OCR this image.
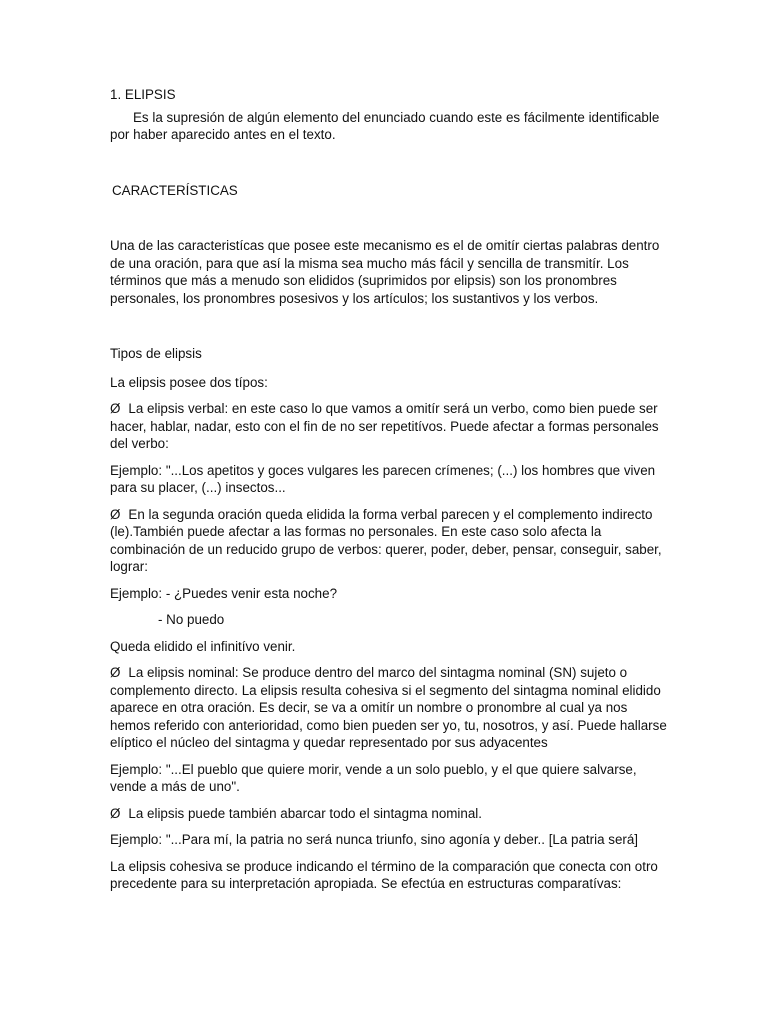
1. ELIPSIS

Es la supresión de algún elemento del enunciado cuando este es fácilmente identificable por haber aparecido antes en el texto.

CARACTERÍSTICAS

Una de las caracteristícas que posee este mecanismo es el de omitír ciertas palabras dentro de una oración, para que así la misma sea mucho más fácil y sencilla de transmitír. Los términos que más a menudo son elididos (suprimidos por elipsis) son los pronombres personales, los pronombres posesivos y los artículos; los sustantivos y los verbos.

Tipos de elipsis

La elipsis posee dos típos:

Ø La elipsis verbal: en este caso lo que vamos a omitír será un verbo, como bien puede ser hacer, hablar, nadar, esto con el fin de no ser repetitívos. Puede afectar a formas personales del verbo:

Ejemplo: "...Los apetitos y goces vulgares les parecen crímenes; (...) los hombres que viven para su placer, (...) insectos...

Ø En la segunda oración queda elidida la forma verbal parecen y el complemento indirecto (le).También puede afectar a las formas no personales. En este caso solo afecta la combinación de un reducido grupo de verbos: querer, poder, deber, pensar, conseguir, saber, lograr:

Ejemplo: - ¿Puedes venir esta noche?

- No puedo

Queda elidido el infinitívo venir.

Ø La elipsis nominal: Se produce dentro del marco del sintagma nominal (SN) sujeto o complemento directo. La elipsis resulta cohesiva si el segmento del sintagma nominal elidido aparece en otra oración. Es decir, se va a omitír un nombre o pronombre al cual ya nos hemos referido con anterioridad, como bien pueden ser yo, tu, nosotros, y así. Puede hallarse elíptico el núcleo del sintagma y quedar representado por sus adyacentes

Ejemplo: "...El pueblo que quiere morir, vende a un solo pueblo, y el que quiere salvarse, vende a más de uno".

Ø La elipsis puede también abarcar todo el sintagma nominal.

Ejemplo: "...Para mí, la patria no será nunca triunfo, sino agonía y deber.. [La patria será]

La elipsis cohesiva se produce indicando el término de la comparación que conecta con otro precedente para su interpretación apropiada. Se efectúa en estructuras comparatívas:
